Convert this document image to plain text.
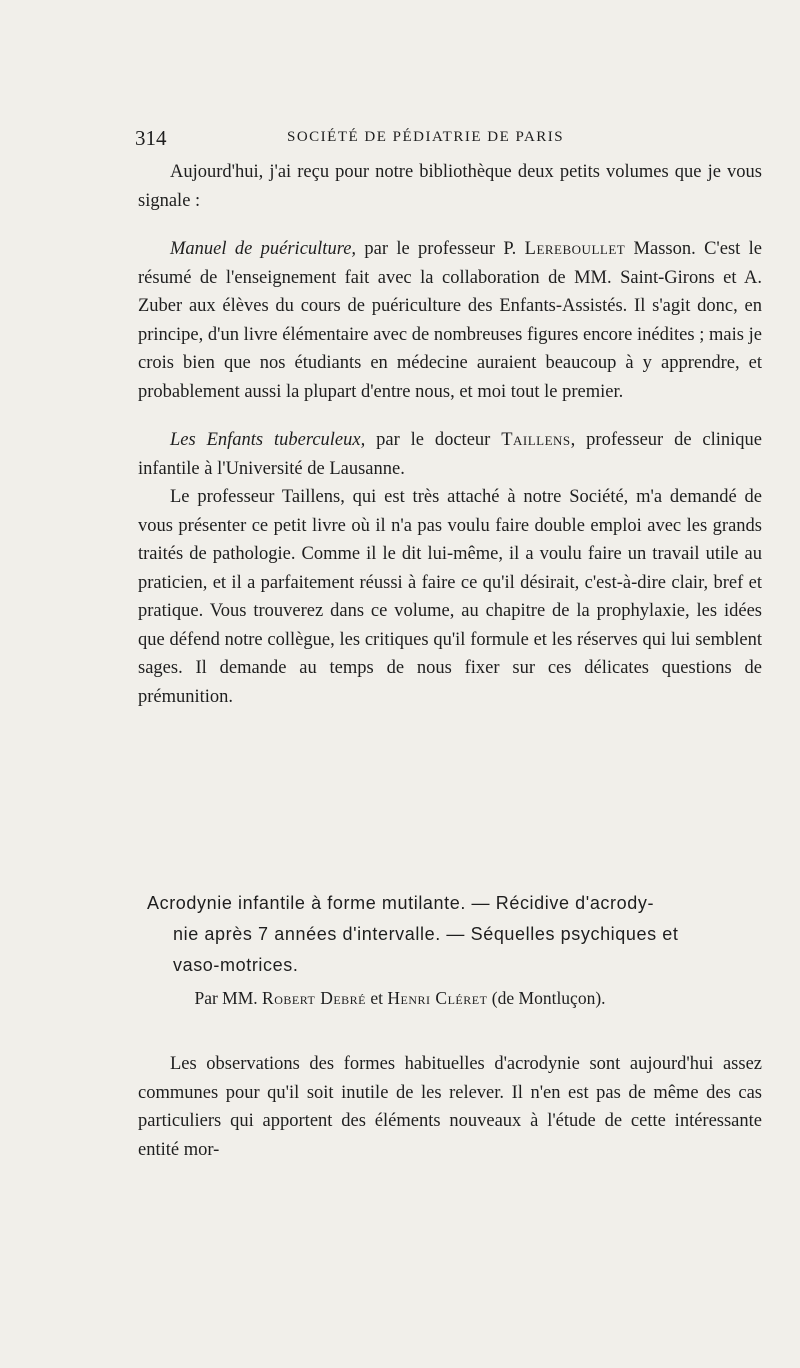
314	SOCIÉTÉ DE PÉDIATRIE DE PARIS

Aujourd'hui, j'ai reçu pour notre bibliothèque deux petits volumes que je vous signale :

Manuel de puériculture, par le professeur P. Lereboullet Masson. C'est le résumé de l'enseignement fait avec la collaboration de MM. Saint-Girons et A. Zuber aux élèves du cours de puériculture des Enfants-Assistés. Il s'agit donc, en principe, d'un livre élémentaire avec de nombreuses figures encore inédites ; mais je crois bien que nos étudiants en médecine auraient beaucoup à y apprendre, et probablement aussi la plupart d'entre nous, et moi tout le premier.

Les Enfants tuberculeux, par le docteur Taillens, professeur de clinique infantile à l'Université de Lausanne.

Le professeur Taillens, qui est très attaché à notre Société, m'a demandé de vous présenter ce petit livre où il n'a pas voulu faire double emploi avec les grands traités de pathologie. Comme il le dit lui-même, il a voulu faire un travail utile au praticien, et il a parfaitement réussi à faire ce qu'il désirait, c'est-à-dire clair, bref et pratique. Vous trouverez dans ce volume, au chapitre de la prophylaxie, les idées que défend notre collègue, les critiques qu'il formule et les réserves qui lui semblent sages. Il demande au temps de nous fixer sur ces délicates questions de prémunition.

Acrodynie infantile à forme mutilante. — Récidive d'acrody-
nie après 7 années d'intervalle. — Séquelles psychiques et
vaso-motrices.
Par MM. Robert Debré et Henri Cléret (de Montluçon).

Les observations des formes habituelles d'acrodynie sont aujourd'hui assez communes pour qu'il soit inutile de les relever. Il n'en est pas de même des cas particuliers qui apportent des éléments nouveaux à l'étude de cette intéressante entité mor-
